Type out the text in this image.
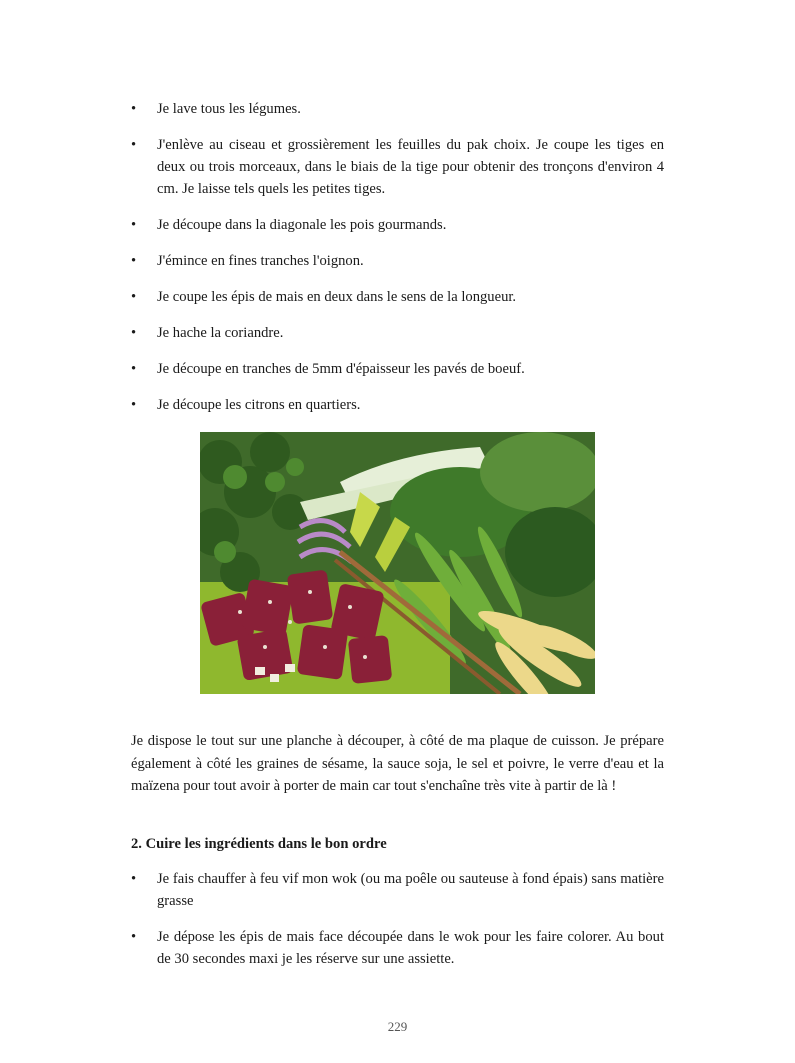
• Je lave tous les légumes.
• J'enlève au ciseau et grossièrement les feuilles du pak choix. Je coupe les tiges en deux ou trois morceaux, dans le biais de la tige pour obtenir des tronçons d'environ 4 cm. Je laisse tels quels les petites tiges.
• Je découpe dans la diagonale les pois gourmands.
• J'émince en fines tranches l'oignon.
• Je coupe les épis de mais en deux dans le sens de la longueur.
• Je hache la coriandre.
• Je découpe en tranches de 5mm d'épaisseur les pavés de boeuf.
• Je découpe les citrons en quartiers.

Je dispose le tout sur une planche à découper, à côté de ma plaque de cuisson. Je prépare également à côté les graines de sésame, la sauce soja, le sel et poivre, le verre d'eau et la maïzena pour tout avoir à porter de main car tout s'enchaîne très vite à partir de là !

2. Cuire les ingrédients dans le bon ordre

• Je fais chauffer à feu vif mon wok (ou ma poêle ou sauteuse à fond épais) sans matière grasse
• Je dépose les épis de mais face découpée dans le wok pour les faire colorer. Au bout de 30 secondes maxi je les réserve sur une assiette.
229
